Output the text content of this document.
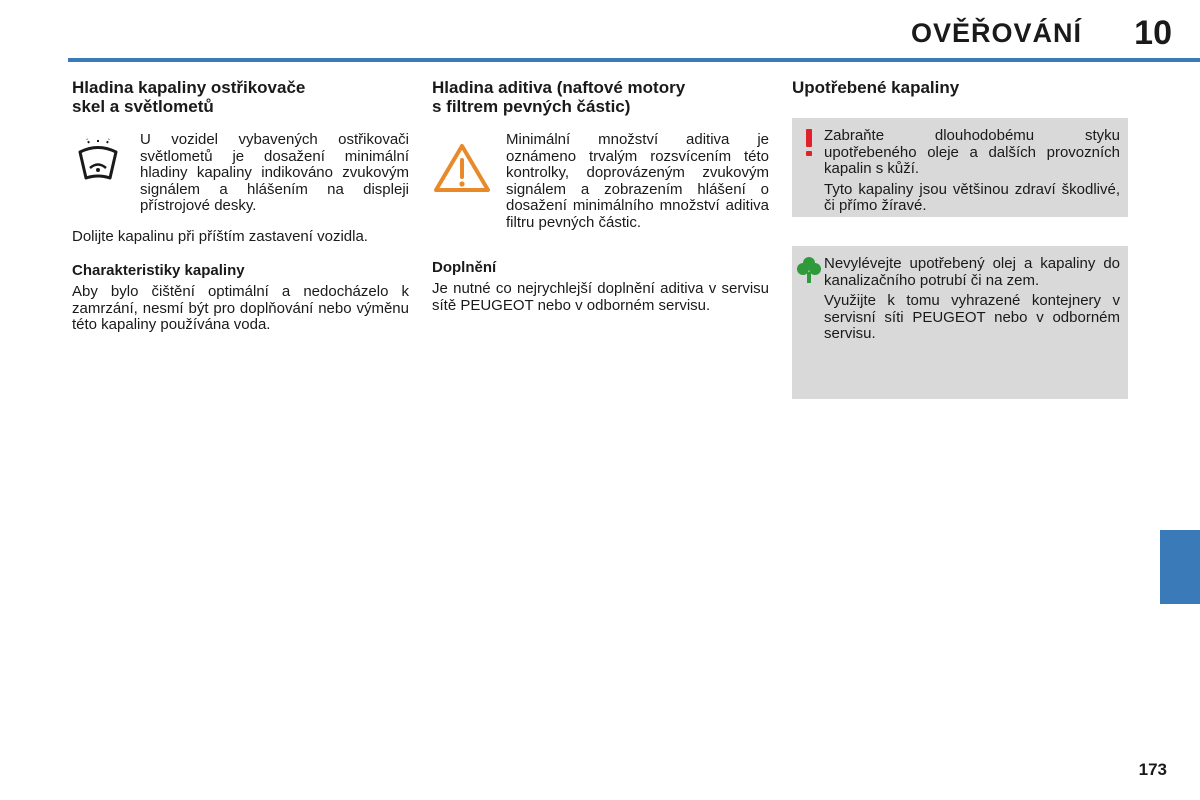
OVĚŘOVÁNÍ 10
Hladina kapaliny ostřikovače
skel a světlometů

U vozidel vybavených ostřikovači světlometů je dosažení minimální hladiny kapaliny indikováno zvukovým signálem a hlášením na displeji přístrojové desky.

Dolijte kapalinu při příštím zastavení vozidla.

Charakteristiky kapaliny

Aby bylo čištění optimální a nedocházelo k zamrzání, nesmí být pro doplňování nebo výměnu této kapaliny používána voda.

Hladina aditiva (naftové motory
s filtrem pevných částic)

Minimální množství aditiva je oznámeno trvalým rozsvícením této kontrolky, doprovázeným zvukovým signálem a zobrazením hlášení o dosažení minimálního množství aditiva filtru pevných částic.

Doplnění

Je nutné co nejrychlejší doplnění aditiva v servisu sítě PEUGEOT nebo v odborném servisu.

Upotřebené kapaliny

Zabraňte dlouhodobému styku upotřebeného oleje a dalších provozních kapalin s kůží.

Tyto kapaliny jsou většinou zdraví škodlivé, či přímo žíravé.

Nevylévejte upotřebený olej a kapaliny do kanalizačního potrubí či na zem.

Využijte k tomu vyhrazené kontejnery v servisní síti PEUGEOT nebo v odborném servisu.

173
